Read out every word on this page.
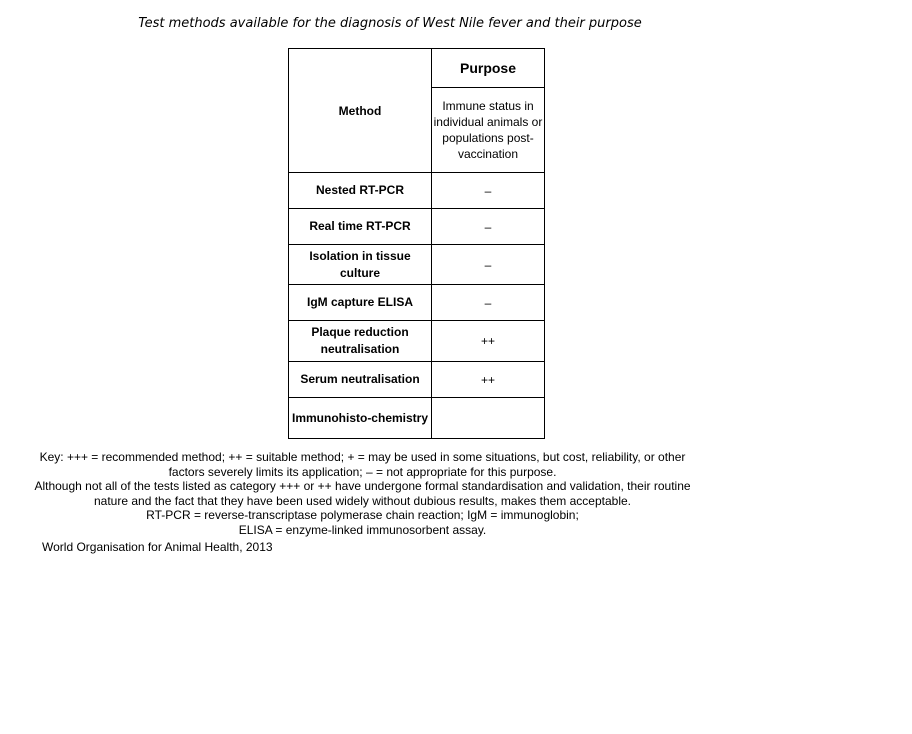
Test methods available for the diagnosis of West Nile fever and their purpose
Method	Purpose
	Immune status in individual animals or populations post-vaccination
Nested RT-PCR	–
Real time RT-PCR	–
Isolation in tissue culture	–
IgM capture ELISA	–
Plaque reduction neutralisation	++
Serum neutralisation	++
Immunohisto-chemistry	
Key: +++ = recommended method; ++ = suitable method; + = may be used in some situations, but cost, reliability, or other
factors severely limits its application; – = not appropriate for this purpose.
Although not all of the tests listed as category +++ or ++ have undergone formal standardisation and validation, their routine
nature and the fact that they have been used widely without dubious results, makes them acceptable.
RT-PCR = reverse-transcriptase polymerase chain reaction; IgM = immunoglobin;
ELISA = enzyme-linked immunosorbent assay.
World Organisation for Animal Health, 2013
